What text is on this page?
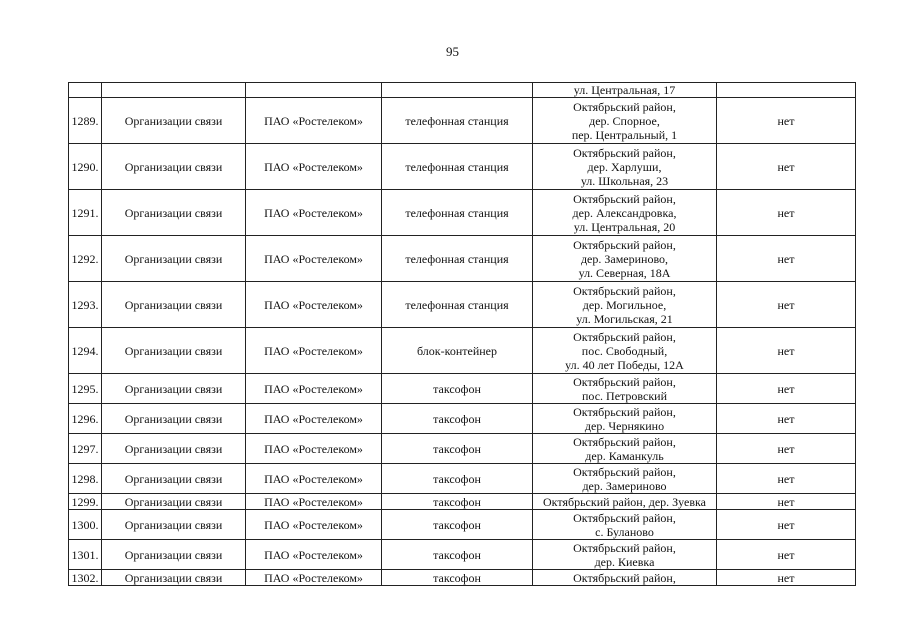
95

				ул. Центральная, 17	

1289.	Организации связи	ПАО «Ростелеком»	телефонная станция	Октябрьский район,
дер. Спорное,
пер. Центральный, 1	нет
1290.	Организации связи	ПАО «Ростелеком»	телефонная станция	Октябрьский район,
дер. Харлуши,
ул. Школьная, 23	нет
1291.	Организации связи	ПАО «Ростелеком»	телефонная станция	Октябрьский район,
дер. Александровка,
ул. Центральная, 20	нет
1292.	Организации связи	ПАО «Ростелеком»	телефонная станция	Октябрьский район,
дер. Замериново,
ул. Северная, 18А	нет
1293.	Организации связи	ПАО «Ростелеком»	телефонная станция	Октябрьский район,
дер. Могильное,
ул. Могильская, 21	нет
1294.	Организации связи	ПАО «Ростелеком»	блок-контейнер	Октябрьский район,
пос. Свободный,
ул. 40 лет Победы, 12А	нет
1295.	Организации связи	ПАО «Ростелеком»	таксофон	Октябрьский район,
пос. Петровский	нет
1296.	Организации связи	ПАО «Ростелеком»	таксофон	Октябрьский район,
дер. Чернякино	нет
1297.	Организации связи	ПАО «Ростелеком»	таксофон	Октябрьский район,
дер. Каманкуль	нет
1298.	Организации связи	ПАО «Ростелеком»	таксофон	Октябрьский район,
дер. Замериново	нет
1299.	Организации связи	ПАО «Ростелеком»	таксофон	Октябрьский район, дер. Зуевка	нет
1300.	Организации связи	ПАО «Ростелеком»	таксофон	Октябрьский район,
с. Буланово	нет
1301.	Организации связи	ПАО «Ростелеком»	таксофон	Октябрьский район,
дер. Киевка	нет
1302.	Организации связи	ПАО «Ростелеком»	таксофон	Октябрьский район,	нет
